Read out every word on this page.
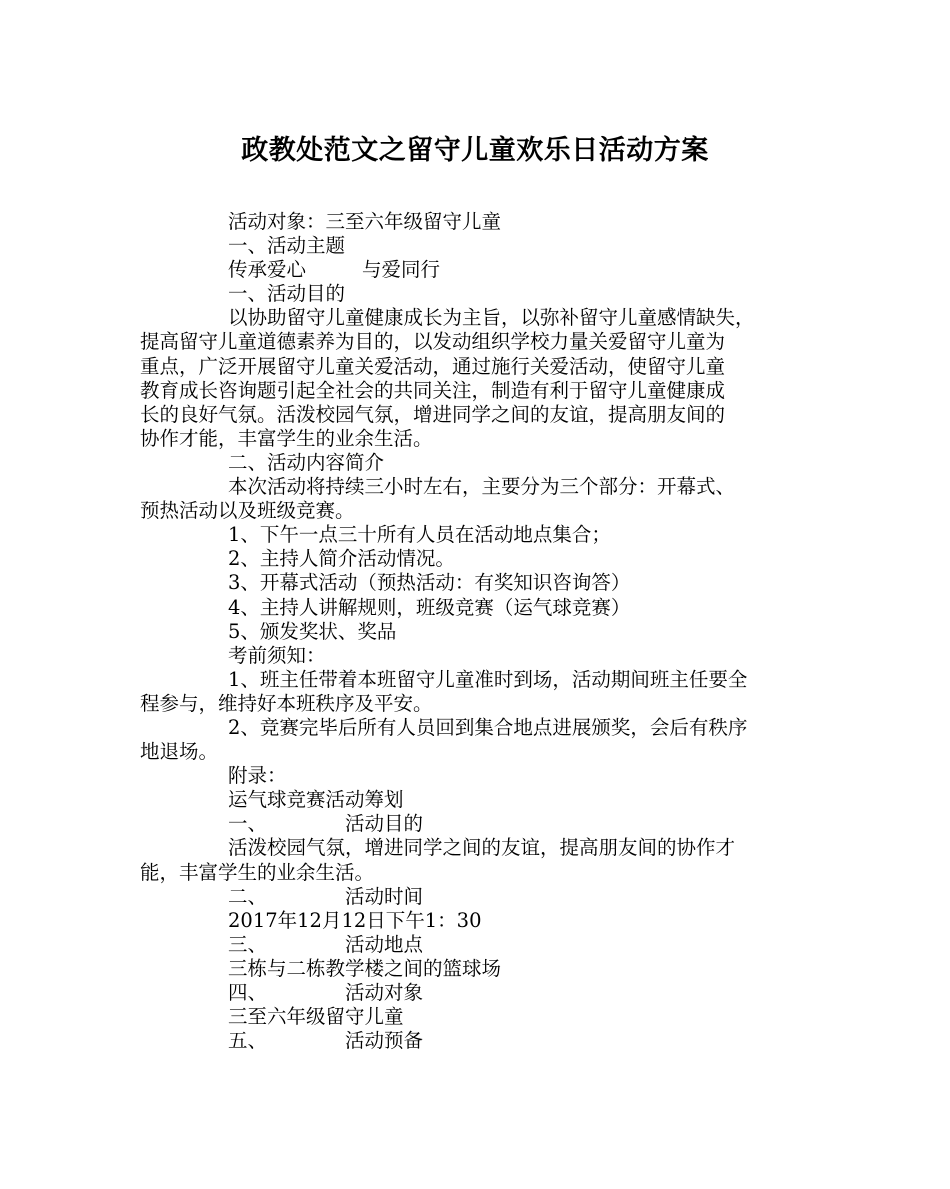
政教处范文之留守儿童欢乐日活动方案
活动对象：三至六年级留守儿童
一、活动主题
传承爱心	与爱同行
一、活动目的
以协助留守儿童健康成长为主旨，以弥补留守儿童感情缺失，
提高留守儿童道德素养为目的，以发动组织学校力量关爱留守儿童为
重点，广泛开展留守儿童关爱活动，通过施行关爱活动，使留守儿童
教育成长咨询题引起全社会的共同关注，制造有利于留守儿童健康成
长的良好气氛。活泼校园气氛，增进同学之间的友谊，提高朋友间的
协作才能，丰富学生的业余生活。
二、活动内容简介
本次活动将持续三小时左右，主要分为三个部分：开幕式、
预热活动以及班级竞赛。
1、下午一点三十所有人员在活动地点集合；
2、主持人简介活动情况。
3、开幕式活动（预热活动：有奖知识咨询答）
4、主持人讲解规则，班级竞赛（运气球竞赛）
5、颁发奖状、奖品
考前须知：
1、班主任带着本班留守儿童准时到场，活动期间班主任要全
程参与，维持好本班秩序及平安。
2、竞赛完毕后所有人员回到集合地点进展颁奖，会后有秩序
地退场。
附录：
运气球竞赛活动筹划
一、	活动目的
活泼校园气氛，增进同学之间的友谊，提高朋友间的协作才
能，丰富学生的业余生活。
二、	活动时间
2017年12月12日下午1：30
三、	活动地点
三栋与二栋教学楼之间的篮球场
四、	活动对象
三至六年级留守儿童
五、	活动预备
